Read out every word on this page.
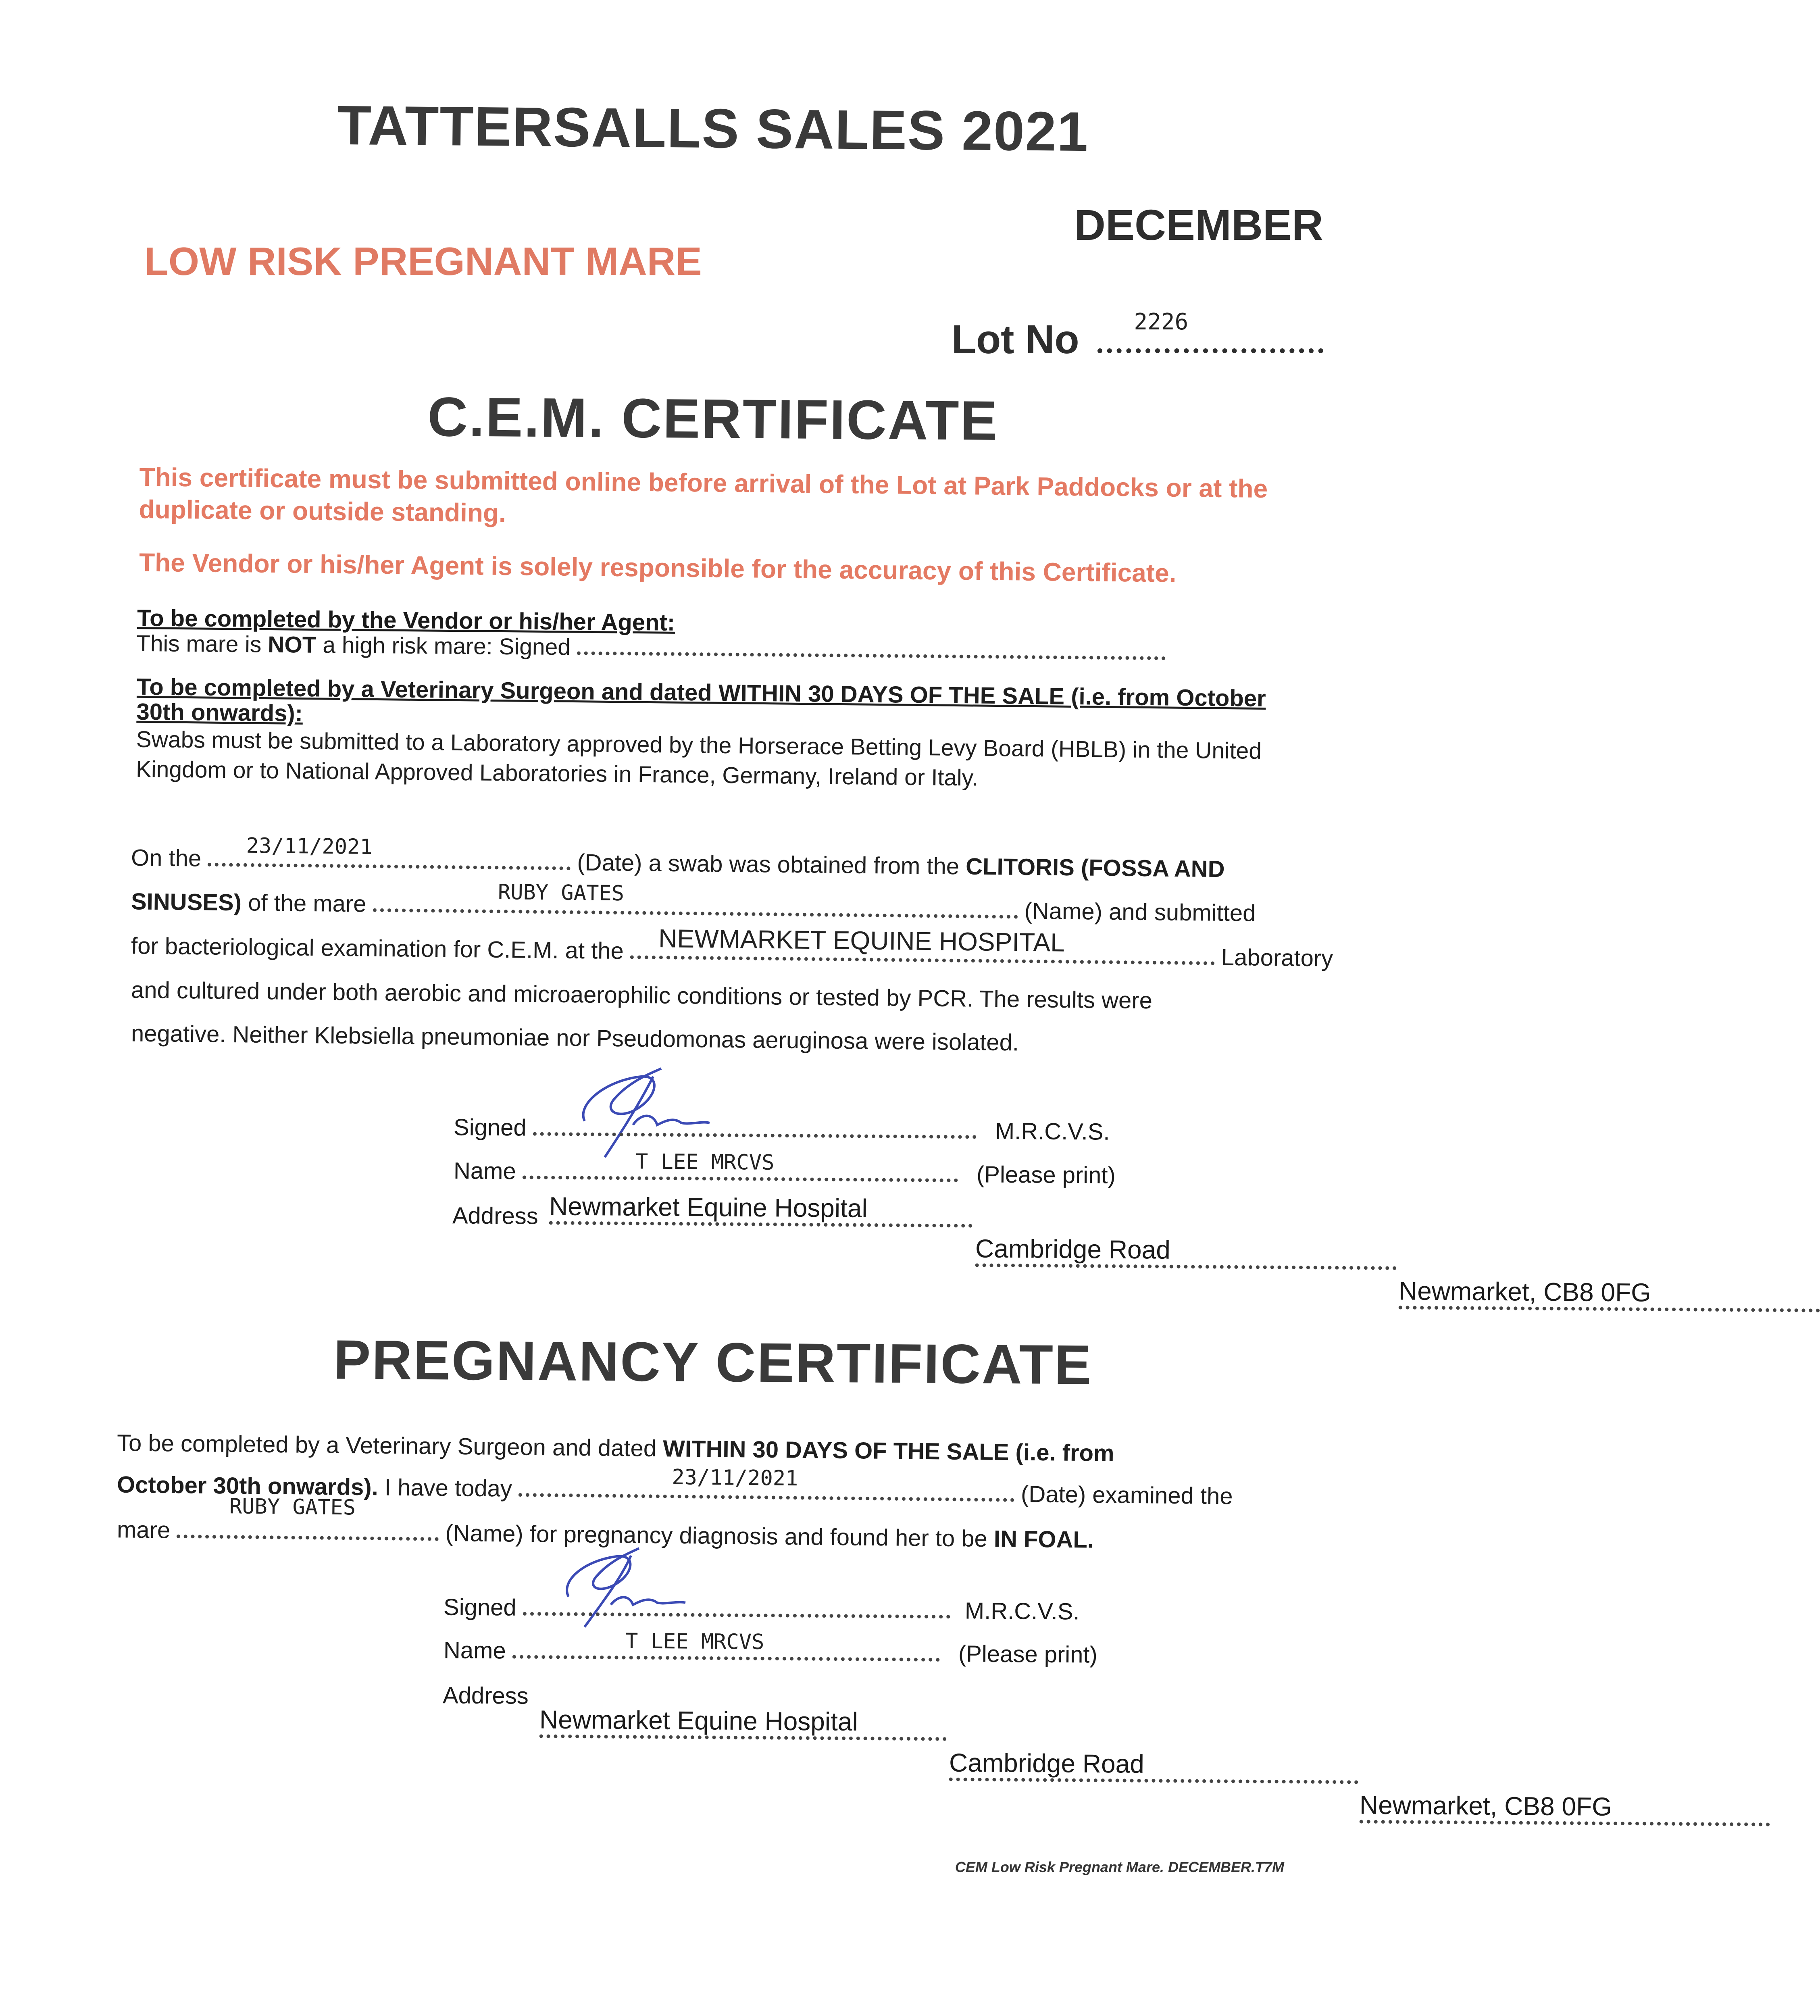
TATTERSALLS SALES 2021
DECEMBER
LOW RISK PREGNANT MARE
Lot No 2226
C.E.M. CERTIFICATE
This certificate must be submitted online before arrival of the Lot at Park Paddocks or at the duplicate or outside standing.
The Vendor or his/her Agent is solely responsible for the accuracy of this Certificate.
To be completed by the Vendor or his/her Agent:
This mare is NOT a high risk mare: Signed
To be completed by a Veterinary Surgeon and dated WITHIN 30 DAYS OF THE SALE (i.e. from October 30th onwards):
Swabs must be submitted to a Laboratory approved by the Horserace Betting Levy Board (HBLB) in the United Kingdom or to National Approved Laboratories in France, Germany, Ireland or Italy.
On the 23/11/2021
(Date) a swab was obtained from the CLITORIS (FOSSA AND
SINUSES) of the mare	RUBY GATES
(Name) and submitted
for bacteriological examination for C.E.M. at the NEWMARKET EQUINE HOSPITAL
Laboratory
and cultured under both aerobic and microaerophilic conditions or tested by PCR. The results were
negative. Neither Klebsiella pneumoniae nor Pseudomonas aeruginosa were isolated.
Signed	M.R.C.V.S.
Name	T LEE MRCVS	(Please print)
Address Newmarket Equine Hospital Cambridge Road Newmarket, CB8 0FG
PREGNANCY CERTIFICATE
To be completed by a Veterinary Surgeon and dated WITHIN 30 DAYS OF THE SALE (i.e. from
October 30th onwards). I have today	23/11/2021
(Date) examined the
mare
RUBY GATES
(Name) for pregnancy diagnosis and found her to be IN FOAL.
Signed	M.R.C.V.S.
Name	T LEE MRCVS	(Please print)
Address
Newmarket Equine Hospital Cambridge Road Newmarket, CB8 0FG
CEM Low Risk Pregnant Mare. DECEMBER.T7M
